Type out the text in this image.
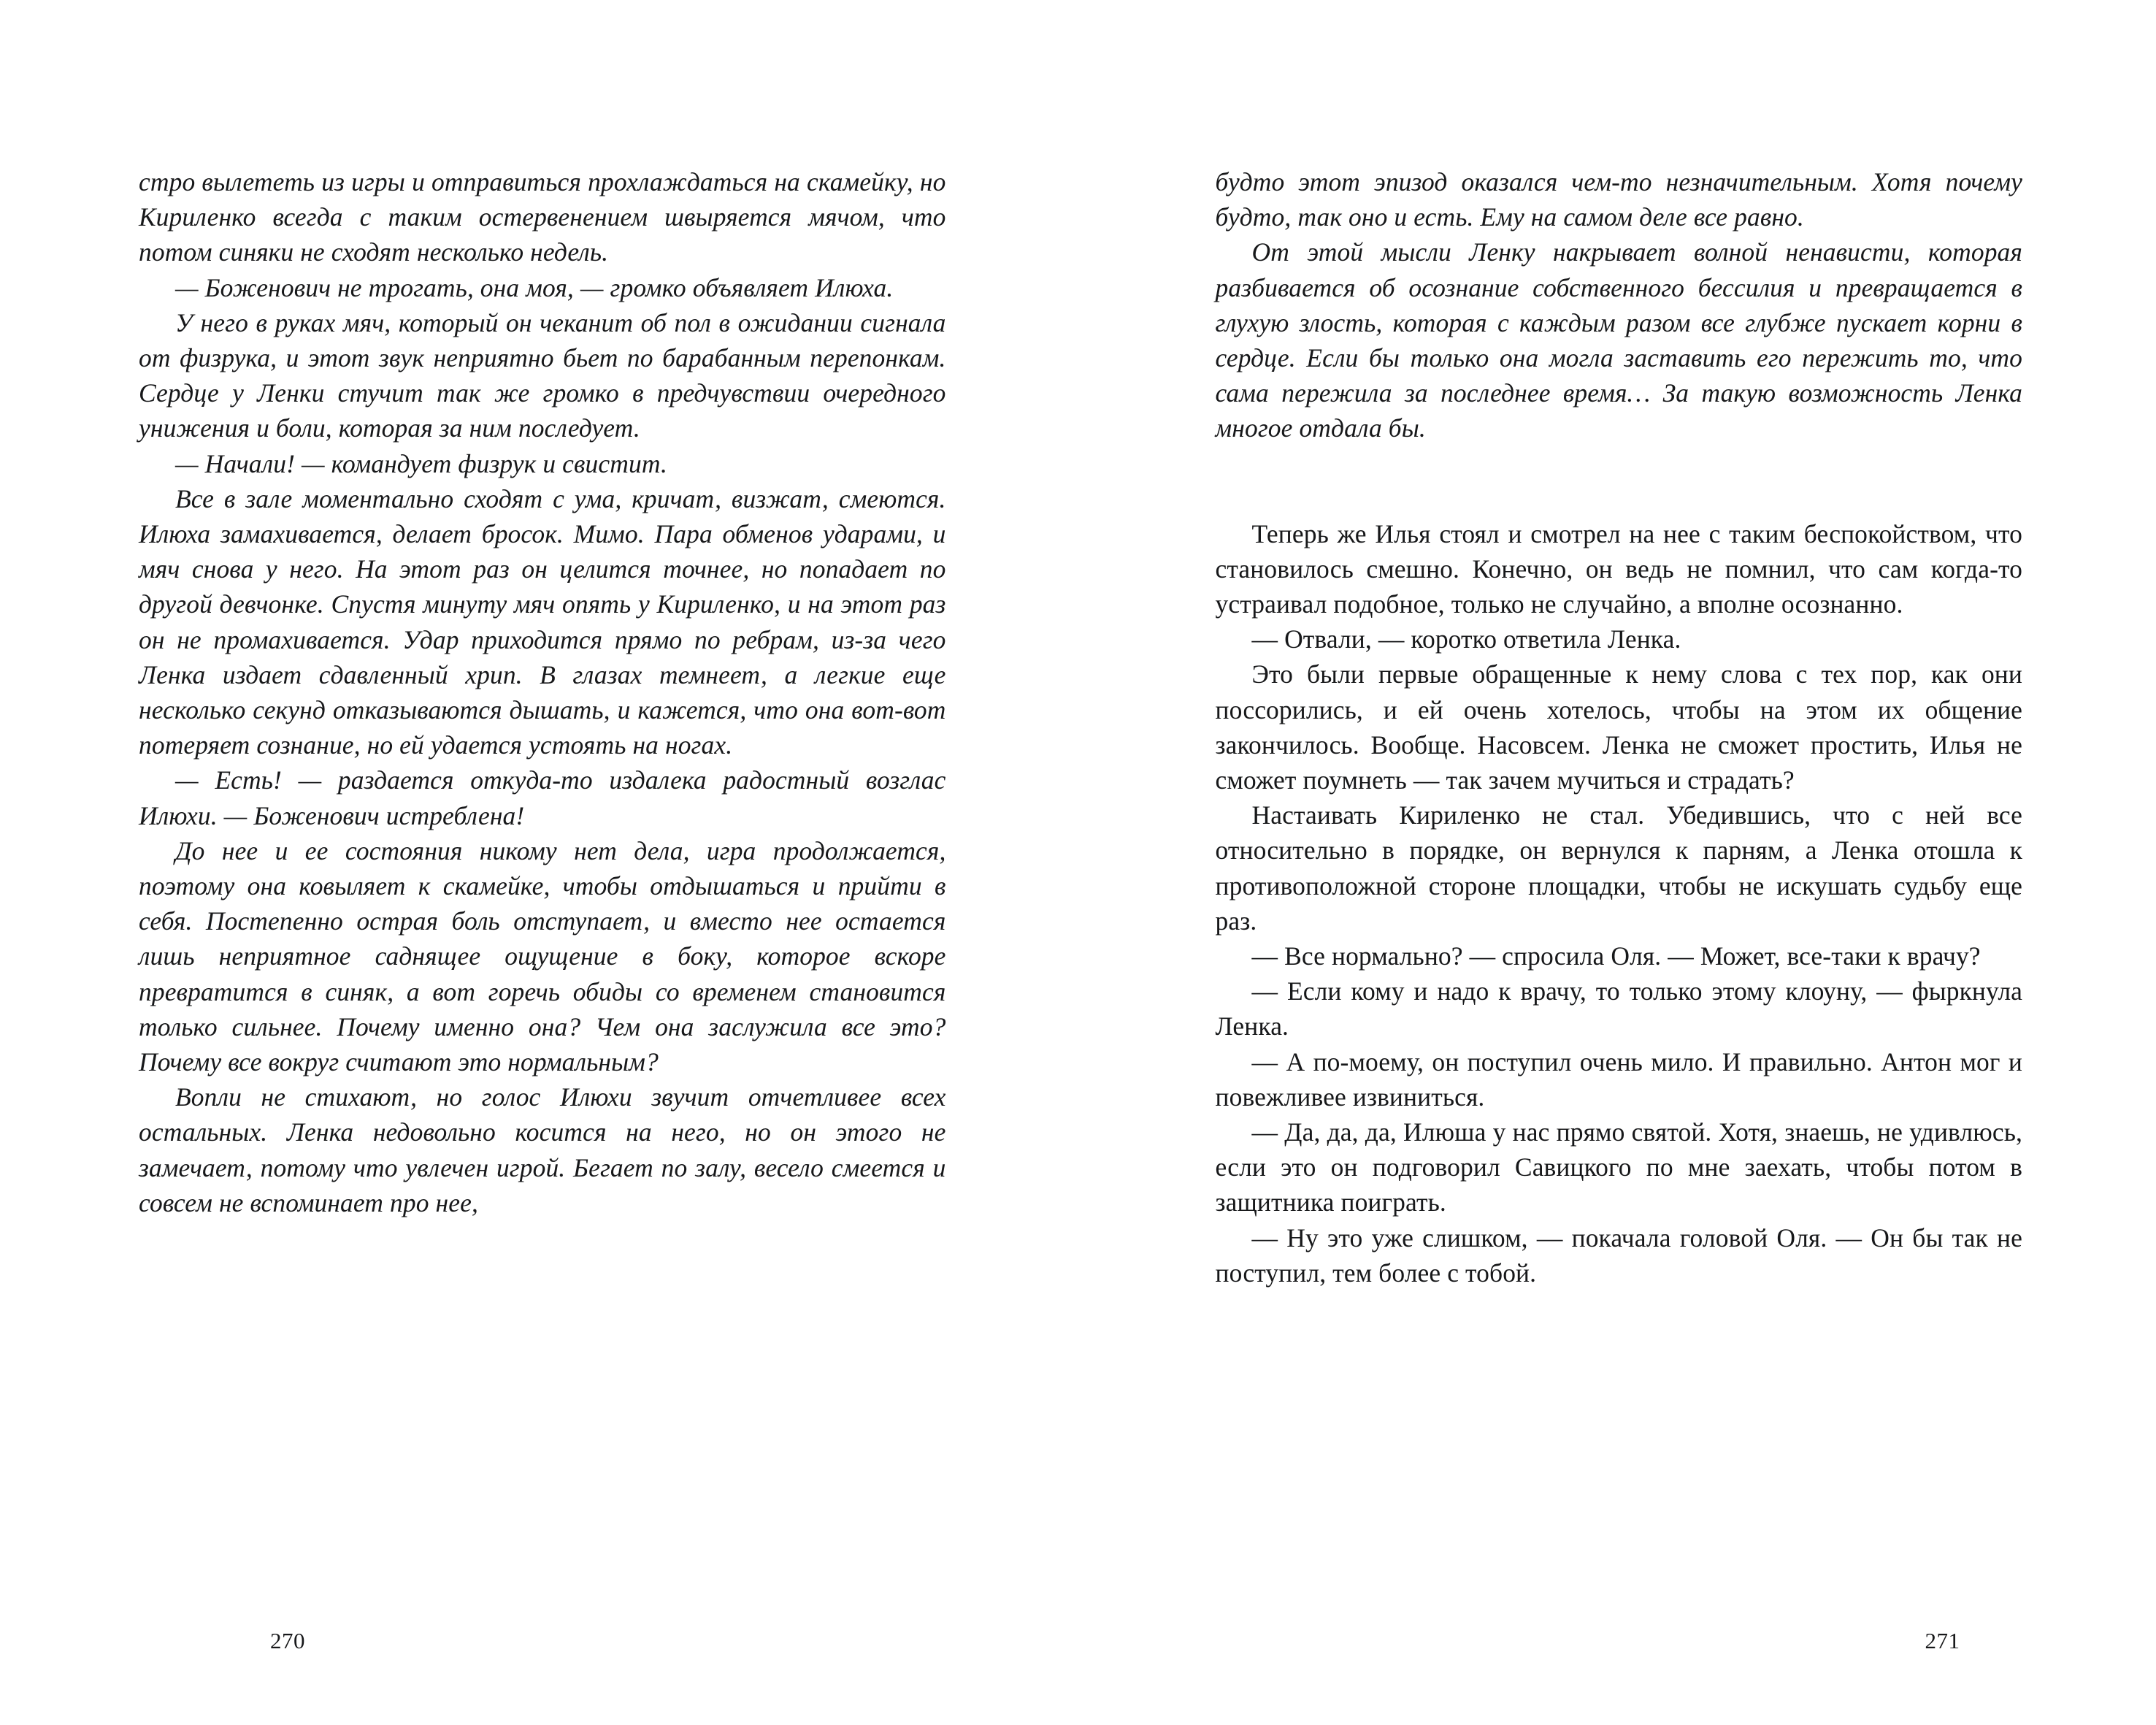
стро вылететь из игры и отправиться прохлаждаться на скамейку, но Кириленко всегда с таким остервенением швыряется мячом, что потом синяки не сходят несколько недель.

— Боженович не трогать, она моя, — громко объявляет Илюха.

У него в руках мяч, который он чеканит об пол в ожидании сигнала от физрука, и этот звук неприятно бьет по барабанным перепонкам. Сердце у Ленки стучит так же громко в предчувствии очередного унижения и боли, которая за ним последует.

— Начали! — командует физрук и свистит.

Все в зале моментально сходят с ума, кричат, визжат, смеются. Илюха замахивается, делает бросок. Мимо. Пара обменов ударами, и мяч снова у него. На этот раз он целится точнее, но попадает по другой девчонке. Спустя минуту мяч опять у Кириленко, и на этот раз он не промахивается. Удар приходится прямо по ребрам, из-за чего Ленка издает сдавленный хрип. В глазах темнеет, а легкие еще несколько секунд отказываются дышать, и кажется, что она вот-вот потеряет сознание, но ей удается устоять на ногах.

— Есть! — раздается откуда-то издалека радостный возглас Илюхи. — Боженович истреблена!

До нее и ее состояния никому нет дела, игра продолжается, поэтому она ковыляет к скамейке, чтобы отдышаться и прийти в себя. Постепенно острая боль отступает, и вместо нее остается лишь неприятное саднящее ощущение в боку, которое вскоре превратится в синяк, а вот горечь обиды со временем становится только сильнее. Почему именно она? Чем она заслужила все это? Почему все вокруг считают это нормальным?

Вопли не стихают, но голос Илюхи звучит отчетливее всех остальных. Ленка недовольно косится на него, но он этого не замечает, потому что увлечен игрой. Бегает по залу, весело смеется и совсем не вспоминает про нее,

270

будто этот эпизод оказался чем-то незначительным. Хотя почему будто, так оно и есть. Ему на самом деле все равно.

От этой мысли Ленку накрывает волной ненависти, которая разбивается об осознание собственного бессилия и превращается в глухую злость, которая с каждым разом все глубже пускает корни в сердце. Если бы только она могла заставить его пережить то, что сама пережила за последнее время… За такую возможность Ленка многое отдала бы.

Теперь же Илья стоял и смотрел на нее с таким беспокойством, что становилось смешно. Конечно, он ведь не помнил, что сам когда-то устраивал подобное, только не случайно, а вполне осознанно.

— Отвали, — коротко ответила Ленка.

Это были первые обращенные к нему слова с тех пор, как они поссорились, и ей очень хотелось, чтобы на этом их общение закончилось. Вообще. Насовсем. Ленка не сможет простить, Илья не сможет поумнеть — так зачем мучиться и страдать?

Настаивать Кириленко не стал. Убедившись, что с ней все относительно в порядке, он вернулся к парням, а Ленка отошла к противоположной стороне площадки, чтобы не искушать судьбу еще раз.

— Все нормально? — спросила Оля. — Может, все-таки к врачу?

— Если кому и надо к врачу, то только этому клоуну, — фыркнула Ленка.

— А по-моему, он поступил очень мило. И правильно. Антон мог и повежливее извиниться.

— Да, да, да, Илюша у нас прямо святой. Хотя, знаешь, не удивлюсь, если это он подговорил Савицкого по мне заехать, чтобы потом в защитника поиграть.

— Ну это уже слишком, — покачала головой Оля. — Он бы так не поступил, тем более с тобой.

271
